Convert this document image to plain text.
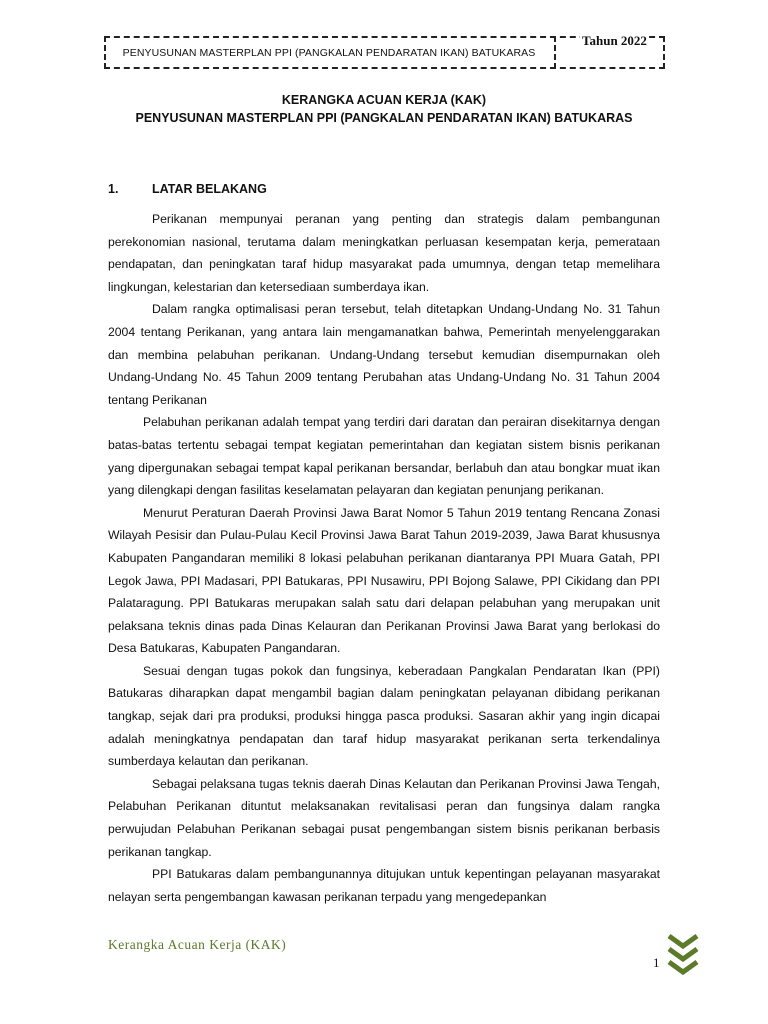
PENYUSUNAN MASTERPLAN PPI (PANGKALAN PENDARATAN IKAN) BATUKARAS
Tahun 2022
KERANGKA ACUAN KERJA (KAK)
PENYUSUNAN MASTERPLAN PPI (PANGKALAN PENDARATAN IKAN) BATUKARAS
1.	LATAR BELAKANG

Perikanan mempunyai peranan yang penting dan strategis dalam pembangunan perekonomian nasional, terutama dalam meningkatkan perluasan kesempatan kerja, pemerataan pendapatan, dan peningkatan taraf hidup masyarakat pada umumnya, dengan tetap memelihara lingkungan, kelestarian dan ketersediaan sumberdaya ikan.

Dalam rangka optimalisasi peran tersebut, telah ditetapkan Undang-Undang No. 31 Tahun 2004 tentang Perikanan, yang antara lain mengamanatkan bahwa, Pemerintah menyelenggarakan dan membina pelabuhan perikanan. Undang-Undang tersebut kemudian disempurnakan oleh Undang-Undang No. 45 Tahun 2009 tentang Perubahan atas Undang-Undang No. 31 Tahun 2004 tentang Perikanan

Pelabuhan perikanan adalah tempat yang terdiri dari daratan dan perairan disekitarnya dengan batas-batas tertentu sebagai tempat kegiatan pemerintahan dan kegiatan sistem bisnis perikanan yang dipergunakan sebagai tempat kapal perikanan bersandar, berlabuh dan atau bongkar muat ikan yang dilengkapi dengan fasilitas keselamatan pelayaran dan kegiatan penunjang perikanan.

Menurut Peraturan Daerah Provinsi Jawa Barat Nomor 5 Tahun 2019 tentang Rencana Zonasi Wilayah Pesisir dan Pulau-Pulau Kecil Provinsi Jawa Barat Tahun 2019-2039, Jawa Barat khususnya Kabupaten Pangandaran memiliki 8 lokasi pelabuhan perikanan diantaranya PPI Muara Gatah, PPI Legok Jawa, PPI Madasari, PPI Batukaras, PPI Nusawiru, PPI Bojong Salawe, PPI Cikidang dan PPI Palataragung. PPI Batukaras merupakan salah satu dari delapan pelabuhan yang merupakan unit pelaksana teknis dinas pada Dinas Kelauran dan Perikanan Provinsi Jawa Barat yang berlokasi do Desa Batukaras, Kabupaten Pangandaran.

Sesuai dengan tugas pokok dan fungsinya, keberadaan Pangkalan Pendaratan Ikan (PPI) Batukaras diharapkan dapat mengambil bagian dalam peningkatan pelayanan dibidang perikanan tangkap, sejak dari pra produksi, produksi hingga pasca produksi. Sasaran akhir yang ingin dicapai adalah meningkatnya pendapatan dan taraf hidup masyarakat perikanan serta terkendalinya sumberdaya kelautan dan perikanan.

Sebagai pelaksana tugas teknis daerah Dinas Kelautan dan Perikanan Provinsi Jawa Tengah, Pelabuhan Perikanan dituntut melaksanakan revitalisasi peran dan fungsinya dalam rangka perwujudan Pelabuhan Perikanan sebagai pusat pengembangan sistem bisnis perikanan berbasis perikanan tangkap.

PPI Batukaras dalam pembangunannya ditujukan untuk kepentingan pelayanan masyarakat nelayan serta pengembangan kawasan perikanan terpadu yang mengedepankan

Kerangka Acuan Kerja (KAK)
1
